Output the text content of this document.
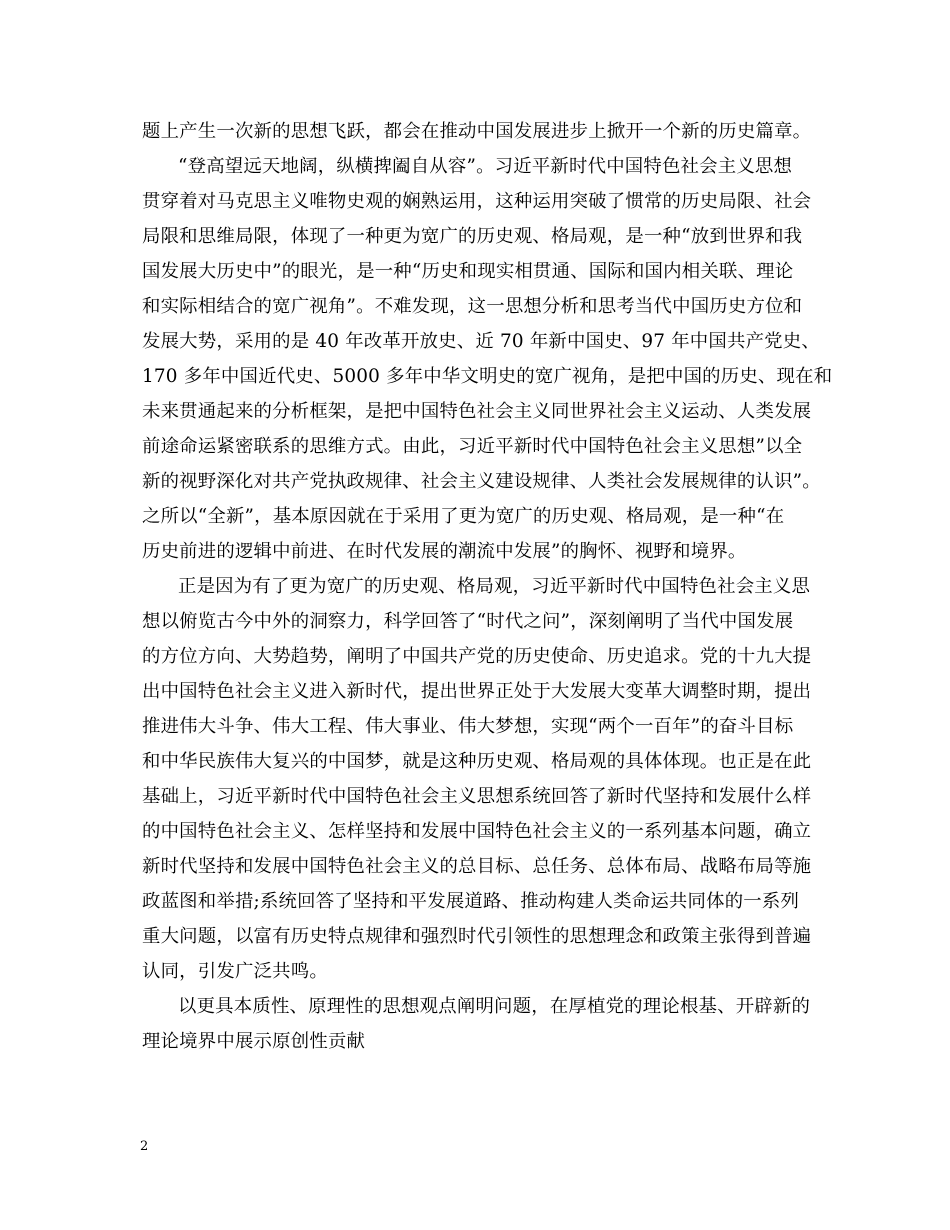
题上产生一次新的思想飞跃，都会在推动中国发展进步上掀开一个新的历史篇章。

“登高望远天地阔，纵横捭阖自从容”。习近平新时代中国特色社会主义思想
贯穿着对马克思主义唯物史观的娴熟运用，这种运用突破了惯常的历史局限、社会
局限和思维局限，体现了一种更为宽广的历史观、格局观，是一种“放到世界和我
国发展大历史中”的眼光，是一种“历史和现实相贯通、国际和国内相关联、理论
和实际相结合的宽广视角”。不难发现，这一思想分析和思考当代中国历史方位和
发展大势，采用的是 40 年改革开放史、近 70 年新中国史、97 年中国共产党史、
170 多年中国近代史、5000 多年中华文明史的宽广视角，是把中国的历史、现在和
未来贯通起来的分析框架，是把中国特色社会主义同世界社会主义运动、人类发展
前途命运紧密联系的思维方式。由此，习近平新时代中国特色社会主义思想”以全
新的视野深化对共产党执政规律、社会主义建设规律、人类社会发展规律的认识”。
之所以“全新”，基本原因就在于采用了更为宽广的历史观、格局观，是一种“在
历史前进的逻辑中前进、在时代发展的潮流中发展”的胸怀、视野和境界。

正是因为有了更为宽广的历史观、格局观，习近平新时代中国特色社会主义思
想以俯览古今中外的洞察力，科学回答了“时代之问”，深刻阐明了当代中国发展
的方位方向、大势趋势，阐明了中国共产党的历史使命、历史追求。党的十九大提
出中国特色社会主义进入新时代，提出世界正处于大发展大变革大调整时期，提出
推进伟大斗争、伟大工程、伟大事业、伟大梦想，实现“两个一百年”的奋斗目标
和中华民族伟大复兴的中国梦，就是这种历史观、格局观的具体体现。也正是在此
基础上，习近平新时代中国特色社会主义思想系统回答了新时代坚持和发展什么样
的中国特色社会主义、怎样坚持和发展中国特色社会主义的一系列基本问题，确立
新时代坚持和发展中国特色社会主义的总目标、总任务、总体布局、战略布局等施
政蓝图和举措;系统回答了坚持和平发展道路、推动构建人类命运共同体的一系列
重大问题，以富有历史特点规律和强烈时代引领性的思想理念和政策主张得到普遍
认同，引发广泛共鸣。

以更具本质性、原理性的思想观点阐明问题，在厚植党的理论根基、开辟新的
理论境界中展示原创性贡献

2
